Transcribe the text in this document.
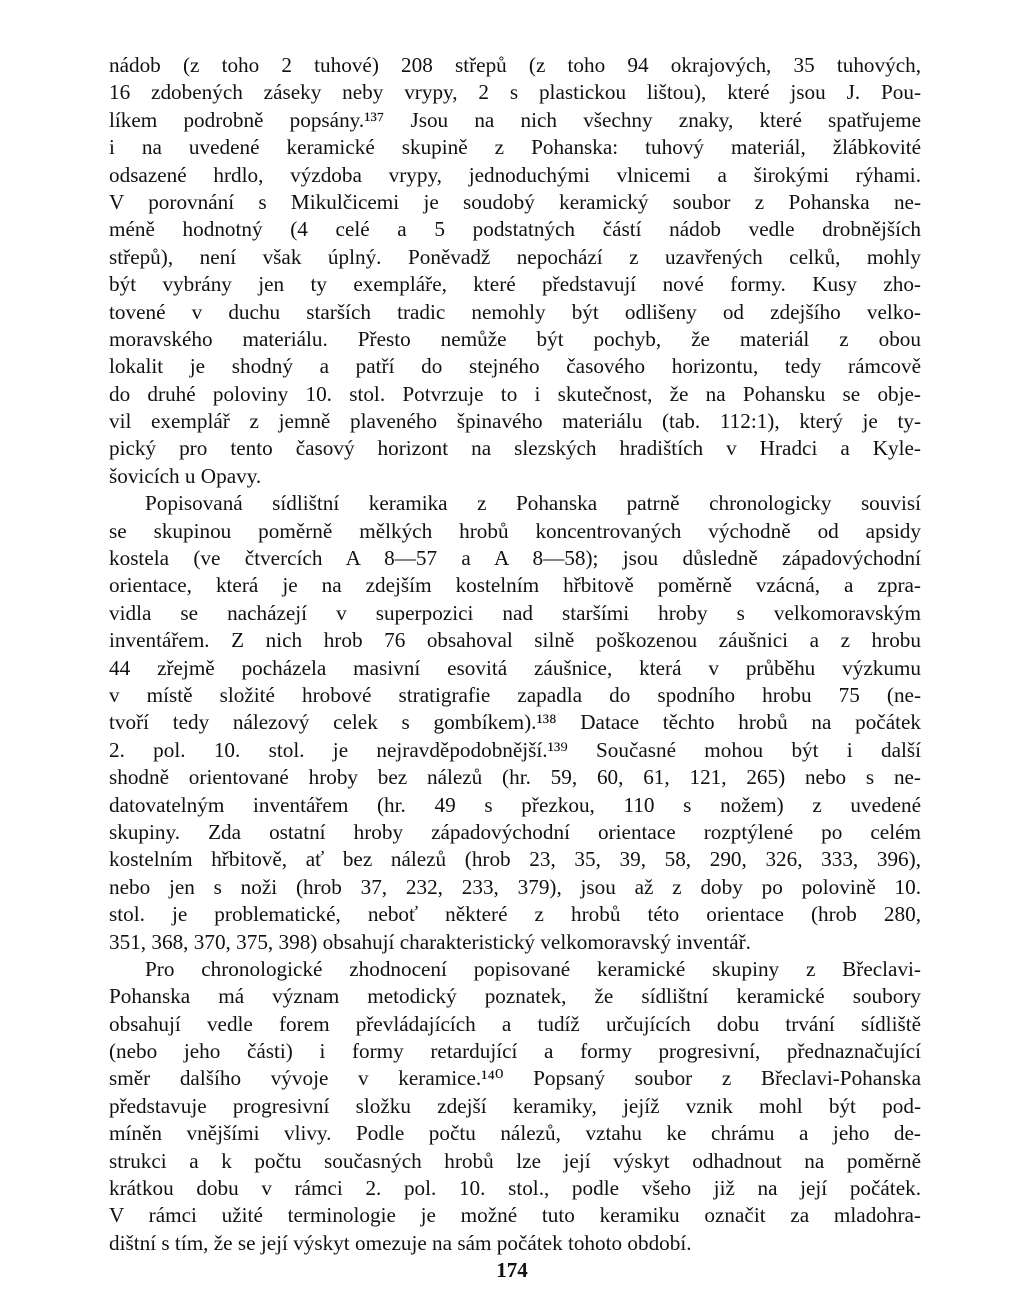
nádob (z toho 2 tuhové) 208 střepů (z toho 94 okrajových, 35 tuhových,
16 zdobených záseky neby vrypy, 2 s plastickou lištou), které jsou J. Pou-
líkem podrobně popsány.¹³⁷ Jsou na nich všechny znaky, které spatřujeme
i na uvedené keramické skupině z Pohanska: tuhový materiál, žlábkovité
odsazené hrdlo, výzdoba vrypy, jednoduchými vlnicemi a širokými rýhami.
V porovnání s Mikulčicemi je soudobý keramický soubor z Pohanska ne-
méně hodnotný (4 celé a 5 podstatných částí nádob vedle drobnějších
střepů), není však úplný. Poněvadž nepochází z uzavřených celků, mohly
být vybrány jen ty exempláře, které představují nové formy. Kusy zho-
tovené v duchu starších tradic nemohly být odlišeny od zdejšího velko-
moravského materiálu. Přesto nemůže být pochyb, že materiál z obou
lokalit je shodný a patří do stejného časového horizontu, tedy rámcově
do druhé poloviny 10. stol. Potvrzuje to i skutečnost, že na Pohansku se obje-
vil exemplář z jemně plaveného špinavého materiálu (tab. 112:1), který je ty-
pický pro tento časový horizont na slezských hradištích v Hradci a Kyle-
šovicích u Opavy.
Popisovaná sídlištní keramika z Pohanska patrně chronologicky souvisí
se skupinou poměrně mělkých hrobů koncentrovaných východně od apsidy
kostela (ve čtvercích A 8—57 a A 8—58); jsou důsledně západovýchodní
orientace, která je na zdejším kostelním hřbitově poměrně vzácná, a zpra-
vidla se nacházejí v superpozici nad staršími hroby s velkomoravským
inventářem. Z nich hrob 76 obsahoval silně poškozenou záušnici a z hrobu
44 zřejmě pocházela masivní esovitá záušnice, která v průběhu výzkumu
v místě složité hrobové stratigrafie zapadla do spodního hrobu 75 (ne-
tvoří tedy nálezový celek s gombíkem).¹³⁸ Datace těchto hrobů na počátek
2. pol. 10. stol. je nejravděpodobnější.¹³⁹ Současné mohou být i další
shodně orientované hroby bez nálezů (hr. 59, 60, 61, 121, 265) nebo s ne-
datovatelným inventářem (hr. 49 s přezkou, 110 s nožem) z uvedené
skupiny. Zda ostatní hroby západovýchodní orientace rozptýlené po celém
kostelním hřbitově, ať bez nálezů (hrob 23, 35, 39, 58, 290, 326, 333, 396),
nebo jen s noži (hrob 37, 232, 233, 379), jsou až z doby po polovině 10.
stol. je problematické, neboť některé z hrobů této orientace (hrob 280,
351, 368, 370, 375, 398) obsahují charakteristický velkomoravský inventář.
Pro chronologické zhodnocení popisované keramické skupiny z Břeclavi-
Pohanska má význam metodický poznatek, že sídlištní keramické soubory
obsahují vedle forem převládajících a tudíž určujících dobu trvání sídliště
(nebo jeho části) i formy retardující a formy progresivní, přednaznačující
směr dalšího vývoje v keramice.¹⁴⁰ Popsaný soubor z Břeclavi-Pohanska
představuje progresivní složku zdejší keramiky, jejíž vznik mohl být pod-
míněn vnějšími vlivy. Podle počtu nálezů, vztahu ke chrámu a jeho de-
strukci a k počtu současných hrobů lze její výskyt odhadnout na poměrně
krátkou dobu v rámci 2. pol. 10. stol., podle všeho již na její počátek.
V rámci užité terminologie je možné tuto keramiku označit za mladohra-
dištní s tím, že se její výskyt omezuje na sám počátek tohoto období.
174
